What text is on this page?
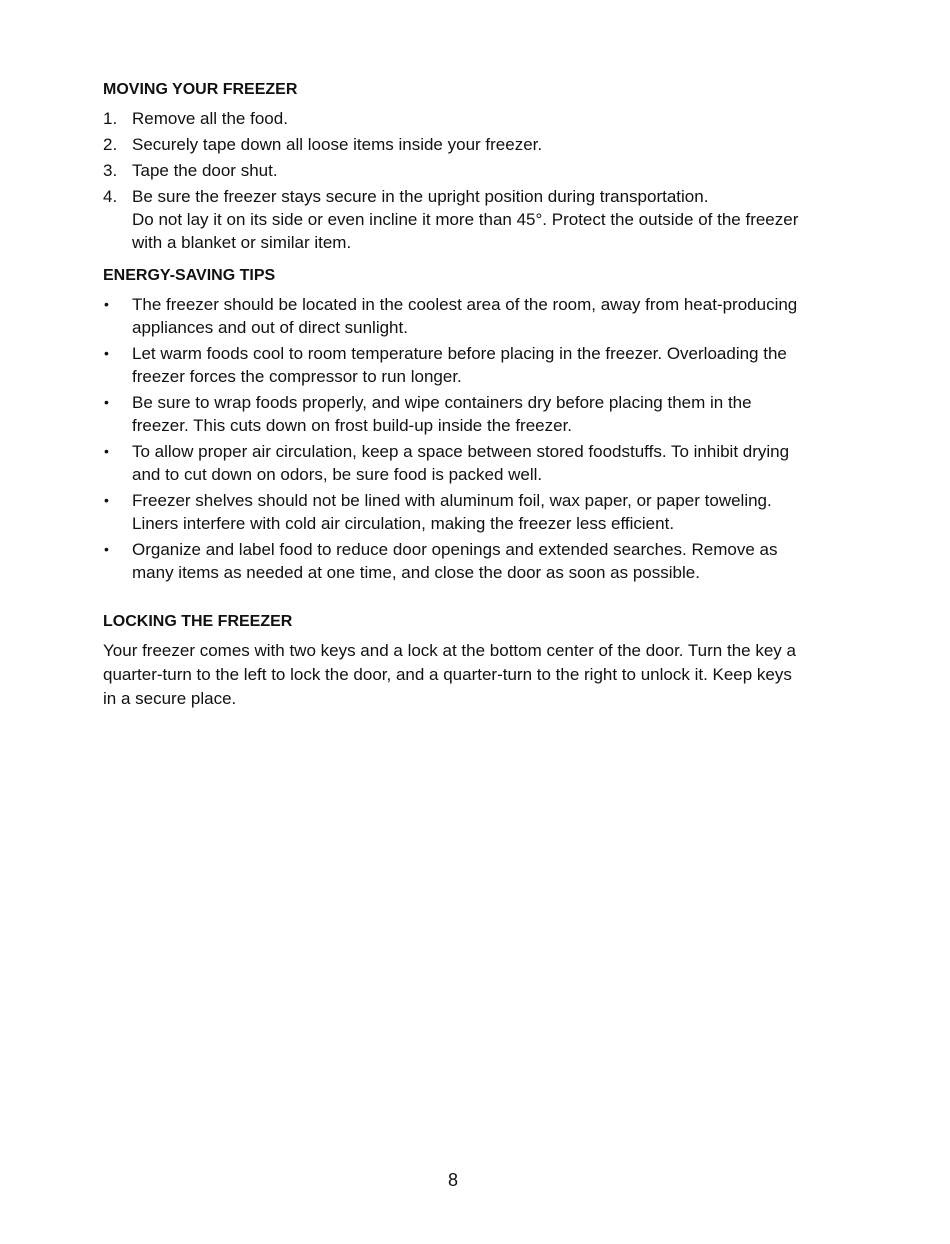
MOVING YOUR FREEZER
1. Remove all the food.
2. Securely tape down all loose items inside your freezer.
3. Tape the door shut.
4. Be sure the freezer stays secure in the upright position during transportation.
Do not lay it on its side or even incline it more than 45°. Protect the outside of the freezer with a blanket or similar item.
ENERGY-SAVING TIPS
• The freezer should be located in the coolest area of the room, away from heat-producing appliances and out of direct sunlight.
• Let warm foods cool to room temperature before placing in the freezer. Overloading the freezer forces the compressor to run longer.
• Be sure to wrap foods properly, and wipe containers dry before placing them in the freezer. This cuts down on frost build-up inside the freezer.
• To allow proper air circulation, keep a space between stored foodstuffs. To inhibit drying and to cut down on odors, be sure food is packed well.
• Freezer shelves should not be lined with aluminum foil, wax paper, or paper toweling. Liners interfere with cold air circulation, making the freezer less efficient.
• Organize and label food to reduce door openings and extended searches. Remove as many items as needed at one time, and close the door as soon as possible.
LOCKING THE FREEZER

Your freezer comes with two keys and a lock at the bottom center of the door. Turn the key a quarter-turn to the left to lock the door, and a quarter-turn to the right to unlock it. Keep keys in a secure place.

8
